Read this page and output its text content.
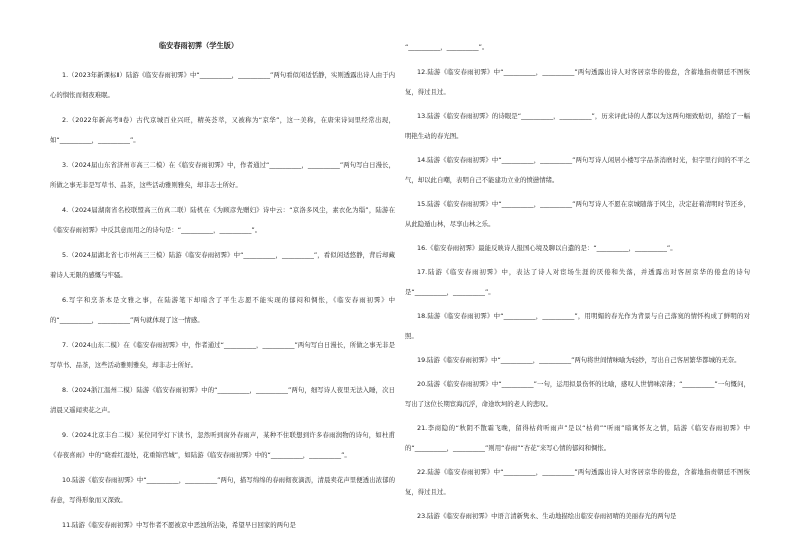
临安春雨初霁（学生版）

1.（2023年新课标Ⅱ）陆游《临安春雨初霁》中“__________，__________”两句看似闲适恬静，实则透露出诗人由于内心的悯怅而彻夜难眠。

2.（2022年新高考Ⅱ卷）古代京城百业兴旺，精英荟萃，又被称为“京华”，这一美称，在唐宋诗词里经常出现，如“__________，__________”。

3.（2024届山东省济州市高三二模）在《临安春雨初霁》中，作者通过“__________，__________”两句写白日漫长，所做之事无非是写草书、品茶，这些活动雅则雅矣，却非志士所好。

4.（2024届湖南省名校联盟高三仿真二联）陆机在《为顾彦先赠妇》诗中云：“京洛多风尘，素衣化为缁”，陆游在《临安春雨初霁》中反其意而用之的诗句是：“__________，__________”。

5.（2024届湖北省七市州高三三模）陆游《临安春雨初霁》中“__________，__________”，看似闲适悠静，背后却藏着诗人无限的感慨与牢骚。

6.写字和烹茶本是文雅之事，在陆游笔下却暗含了平生志愿不能实现的郁闷和惆怅，《临安春雨初霁》中的“__________，__________”两句就体现了这一情感。

7.（2024山东二模）在《临安春雨初霁》中，作者通过“__________，__________”两句写白日漫长，所做之事无非是写草书、品茶，这些活动雅则雅矣，却非志士所好。

8.（2024浙江温州二模）陆游《临安春雨初霁》中的“__________，__________”两句，细写诗人夜里无法入睡，次日清晨又遥闻卖花之声。

9.（2024北京丰台二模）某位同学灯下读书，忽然听到窗外春雨声，某种不住联想到许多春雨润物的诗句，如杜甫《春夜喜雨》中的“晓看红湿处，花重锦官城”，如陆游《临安春雨初霁》中的“__________，__________”。

10.陆游《临安春雨初霁》中“__________，__________”两句，描写绵绵的春雨彻夜滴沥，清晨卖花声里便透出浓郁的春意，写得形象而又深致。

11.陆游《临安春雨初霁》中写作者不愿被京中恶浊所沾染，希望早日回家的两句是

“__________，__________”。

12.陆游《临安春雨初霁》中“__________，__________”两句透露出诗人对客居京华的倦怠，含蓄地指责朝廷不图恢复，得过且过。

13.陆游《临安春雨初霁》的诗眼是“__________，__________”，历来评此诗的人都以为这两句细致贴切，描绘了一幅明艳生动的春光图。

14.陆游《临安春雨初霁》中“__________，__________”两句写诗人闲居小楼写字品茶消磨时光，但字里行间的不平之气，却以此自嘲，表明自己不能建功立业的愤懑情绪。

15.陆游《临安春雨初霁》中“__________，__________”两句写诗人不愿在京城随落于风尘，决定赶着清明时节还乡，从此隐遁山林，尽享山林之乐。

16.《临安春雨初霁》最能反映诗人报国心境及聊以自遣的是：“__________，__________”。

17.陆游《临安春雨初霁》中，表达了诗人对宦场生涯的厌倦和失落，并透露出对客居京华的倦怠的诗句是“__________，__________”。

18.陆游《临安春雨初霁》中“__________，__________”，用明媚的春光作为背景与自己落寞的情怀构成了鲜明的对照。

19.陆游《临安春雨初霁》中“__________，__________”两句将世间情味喻为轻纱，写出自己客居繁华都城的无奈。

20.陆游《临安春雨初霁》中“__________”一句，运用拟景伤怀的比喻，感叹人世情味凉薄；“__________”一句慨问，写出了这位长期宦海沉浮，命途坎坷的老人的悲叹。

21.李商隐的“秋阴不散霜飞晚，留得枯荷听雨声”是以“枯荷”“听雨”暗寓怀友之情，陆游《临安春雨初霁》中的“__________，__________”则用“春雨”“杏花”来写心情的郁闷和惆怅。

22.陆游《临安春雨初霁》中“__________，__________”两句透露出诗人对客居京华的倦怠，含蓄地指责朝廷不图恢复，得过且过。

23.陆游《临安春雨初霁》中语言清新隽永、生动地描绘出临安春雨初晴的美丽春光的两句是
